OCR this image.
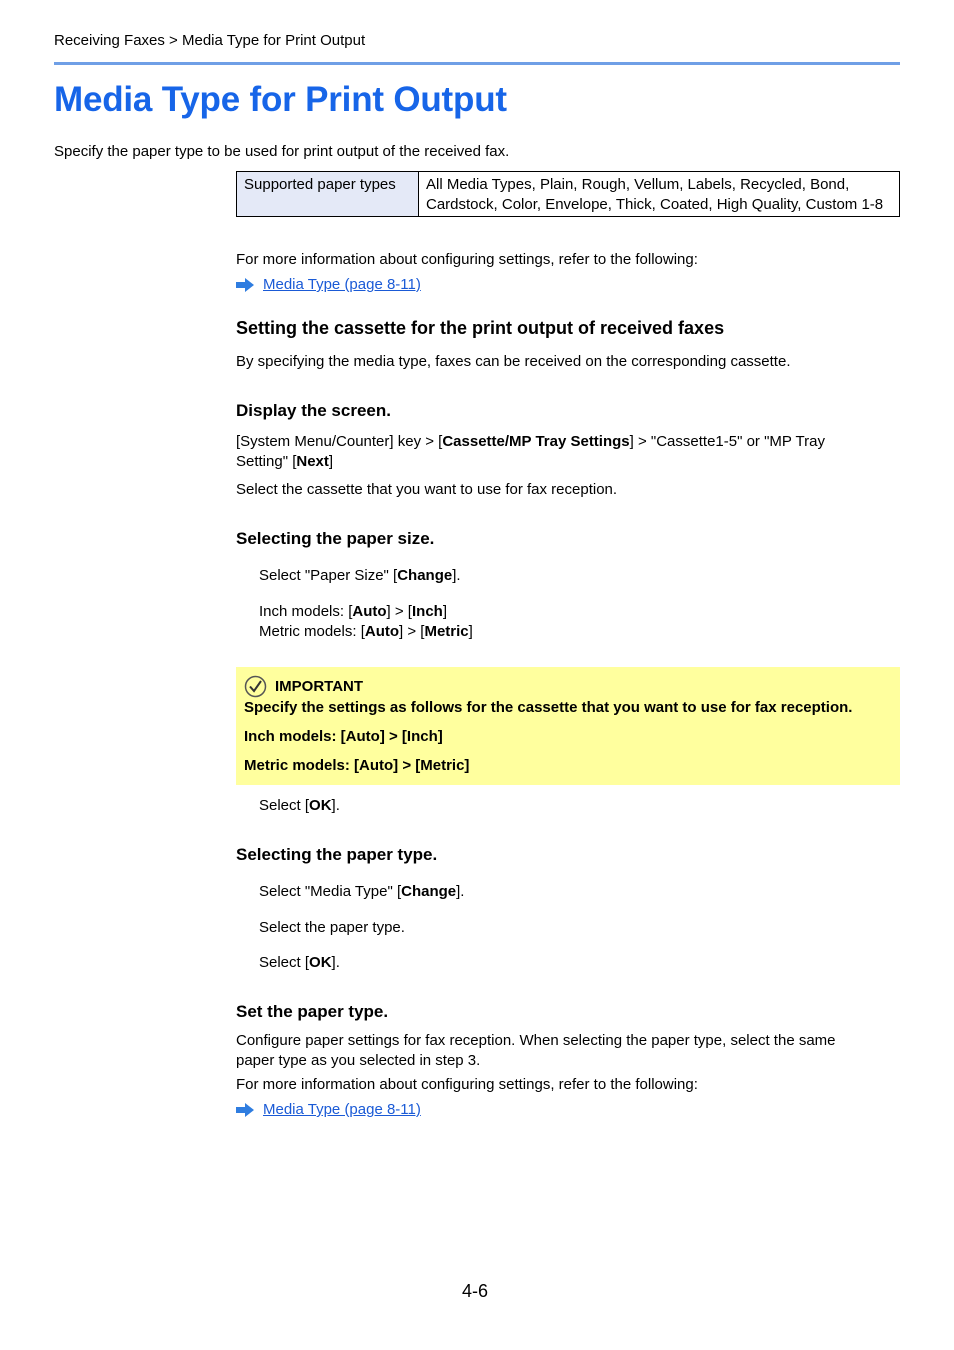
Receiving Faxes > Media Type for Print Output
Media Type for Print Output
Specify the paper type to be used for print output of the received fax.
Supported paper types	All Media Types, Plain, Rough, Vellum, Labels, Recycled, Bond, Cardstock, Color, Envelope, Thick, Coated, High Quality, Custom 1-8
For more information about configuring settings, refer to the following:
Media Type (page 8-11)
Setting the cassette for the print output of received faxes
By specifying the media type, faxes can be received on the corresponding cassette.
Display the screen.
[System Menu/Counter] key > [Cassette/MP Tray Settings] > "Cassette1-5" or "MP Tray
Setting" [Next]
Select the cassette that you want to use for fax reception.
Selecting the paper size.
Select "Paper Size" [Change].
Inch models: [Auto] > [Inch]
Metric models: [Auto] > [Metric]
IMPORTANT
Specify the settings as follows for the cassette that you want to use for fax reception.
Inch models: [Auto] > [Inch]
Metric models: [Auto] > [Metric]
Select [OK].
Selecting the paper type.
Select "Media Type" [Change].
Select the paper type.
Select [OK].
Set the paper type.
Configure paper settings for fax reception. When selecting the paper type, select the same
paper type as you selected in step 3.
For more information about configuring settings, refer to the following:
Media Type (page 8-11)
4-6
